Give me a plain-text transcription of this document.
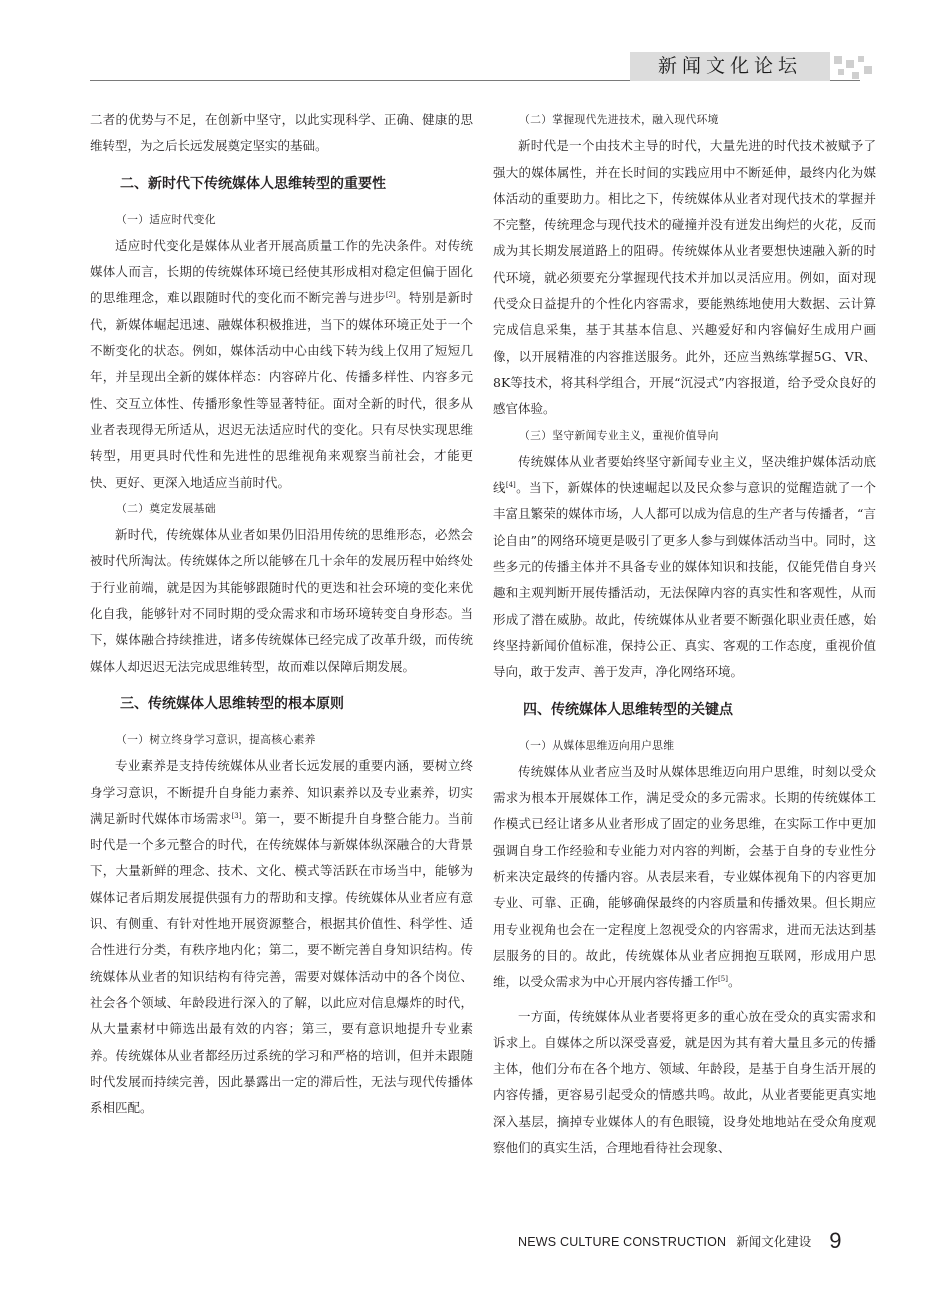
新闻文化论坛

二者的优势与不足，在创新中坚守，以此实现科学、正确、健康的思维转型，为之后长远发展奠定坚实的基础。

二、新时代下传统媒体人思维转型的重要性

（一）适应时代变化

适应时代变化是媒体从业者开展高质量工作的先决条件。对传统媒体人而言，长期的传统媒体环境已经使其形成相对稳定但偏于固化的思维理念，难以跟随时代的变化而不断完善与进步[2]。特别是新时代，新媒体崛起迅速、融媒体积极推进，当下的媒体环境正处于一个不断变化的状态。例如，媒体活动中心由线下转为线上仅用了短短几年，并呈现出全新的媒体样态：内容碎片化、传播多样性、内容多元性、交互立体性、传播形象性等显著特征。面对全新的时代，很多从业者表现得无所适从，迟迟无法适应时代的变化。只有尽快实现思维转型，用更具时代性和先进性的思维视角来观察当前社会，才能更快、更好、更深入地适应当前时代。

（二）奠定发展基础

新时代，传统媒体从业者如果仍旧沿用传统的思维形态，必然会被时代所淘汰。传统媒体之所以能够在几十余年的发展历程中始终处于行业前端，就是因为其能够跟随时代的更迭和社会环境的变化来优化自我，能够针对不同时期的受众需求和市场环境转变自身形态。当下，媒体融合持续推进，诸多传统媒体已经完成了改革升级，而传统媒体人却迟迟无法完成思维转型，故而难以保障后期发展。

三、传统媒体人思维转型的根本原则

（一）树立终身学习意识，提高核心素养

专业素养是支持传统媒体从业者长远发展的重要内涵，要树立终身学习意识，不断提升自身能力素养、知识素养以及专业素养，切实满足新时代媒体市场需求[3]。第一，要不断提升自身整合能力。当前时代是一个多元整合的时代，在传统媒体与新媒体纵深融合的大背景下，大量新鲜的理念、技术、文化、模式等活跃在市场当中，能够为媒体记者后期发展提供强有力的帮助和支撑。传统媒体从业者应有意识、有侧重、有针对性地开展资源整合，根据其价值性、科学性、适合性进行分类，有秩序地内化；第二，要不断完善自身知识结构。传统媒体从业者的知识结构有待完善，需要对媒体活动中的各个岗位、社会各个领域、年龄段进行深入的了解，以此应对信息爆炸的时代，从大量素材中筛选出最有效的内容；第三，要有意识地提升专业素养。传统媒体从业者都经历过系统的学习和严格的培训，但并未跟随时代发展而持续完善，因此暴露出一定的滞后性，无法与现代传播体系相匹配。

（二）掌握现代先进技术，融入现代环境

新时代是一个由技术主导的时代，大量先进的时代技术被赋予了强大的媒体属性，并在长时间的实践应用中不断延伸，最终内化为媒体活动的重要助力。相比之下，传统媒体从业者对现代技术的掌握并不完整，传统理念与现代技术的碰撞并没有迸发出绚烂的火花，反而成为其长期发展道路上的阻碍。传统媒体从业者要想快速融入新的时代环境，就必须要充分掌握现代技术并加以灵活应用。例如，面对现代受众日益提升的个性化内容需求，要能熟练地使用大数据、云计算完成信息采集，基于其基本信息、兴趣爱好和内容偏好生成用户画像，以开展精准的内容推送服务。此外，还应当熟练掌握5G、VR、8K等技术，将其科学组合，开展“沉浸式”内容报道，给予受众良好的感官体验。

（三）坚守新闻专业主义，重视价值导向

传统媒体从业者要始终坚守新闻专业主义，坚决维护媒体活动底线[4]。当下，新媒体的快速崛起以及民众参与意识的觉醒造就了一个丰富且繁荣的媒体市场，人人都可以成为信息的生产者与传播者，“言论自由”的网络环境更是吸引了更多人参与到媒体活动当中。同时，这些多元的传播主体并不具备专业的媒体知识和技能，仅能凭借自身兴趣和主观判断开展传播活动，无法保障内容的真实性和客观性，从而形成了潜在威胁。故此，传统媒体从业者要不断强化职业责任感，始终坚持新闻价值标准，保持公正、真实、客观的工作态度，重视价值导向，敢于发声、善于发声，净化网络环境。

四、传统媒体人思维转型的关键点

（一）从媒体思维迈向用户思维

传统媒体从业者应当及时从媒体思维迈向用户思维，时刻以受众需求为根本开展媒体工作，满足受众的多元需求。长期的传统媒体工作模式已经让诸多从业者形成了固定的业务思维，在实际工作中更加强调自身工作经验和专业能力对内容的判断，会基于自身的专业性分析来决定最终的传播内容。从表层来看，专业媒体视角下的内容更加专业、可靠、正确，能够确保最终的内容质量和传播效果。但长期应用专业视角也会在一定程度上忽视受众的内容需求，进而无法达到基层服务的目的。故此，传统媒体从业者应拥抱互联网，形成用户思维，以受众需求为中心开展内容传播工作[5]。

一方面，传统媒体从业者要将更多的重心放在受众的真实需求和诉求上。自媒体之所以深受喜爱，就是因为其有着大量且多元的传播主体，他们分布在各个地方、领域、年龄段，是基于自身生活开展的内容传播，更容易引起受众的情感共鸣。故此，从业者要能更真实地深入基层，摘掉专业媒体人的有色眼镜，设身处地地站在受众角度观察他们的真实生活，合理地看待社会现象、

NEWS CULTURE CONSTRUCTION 新闻文化建设 9
